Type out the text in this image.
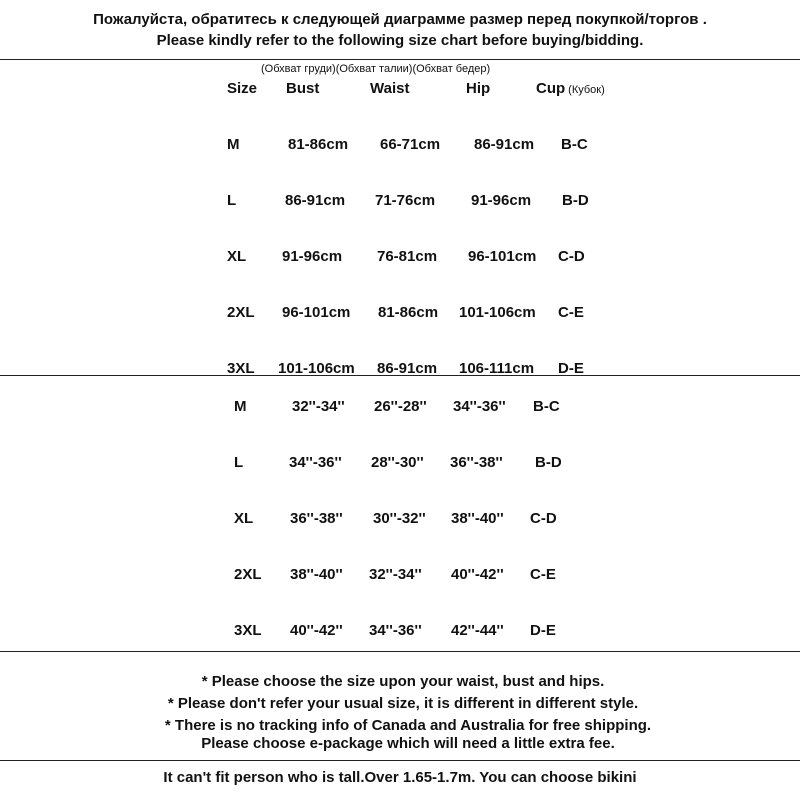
Пожалуйста, обратитесь к следующей диаграмме размер перед покупкой/торгов .
Please kindly refer to the following size chart before buying/bidding.
(Обхват груди)(Обхват талии)(Обхват бедер)
Size Bust	Waist	Hip	Cup (Кубок)
M	81-86cm 66-71cm 86-91cm B-C
L	86-91cm 71-76cm 91-96cm B-D
XL 91-96cm 76-81cm 96-101cm C-D
2XL 96-101cm 81-86cm 101-106cm C-E
3XL 101-106cm 86-91cm 106-111cm D-E
M	32''-34'' 26''-28'' 34''-36'' B-C
L	34''-36'' 28''-30'' 36''-38'' B-D
XL 36''-38'' 30''-32'' 38''-40'' C-D
2XL 38''-40'' 32''-34'' 40''-42'' C-E
3XL 40''-42'' 34''-36'' 42''-44'' D-E
* Please choose the size upon your waist, bust and hips.
* Please don't refer your usual size, it is different in different style.
* There is no tracking info of Canada and Australia for free shipping.
Please choose e-package which will need a little extra fee.
It can't fit person who is tall.Over 1.65-1.7m. You can choose bikini
